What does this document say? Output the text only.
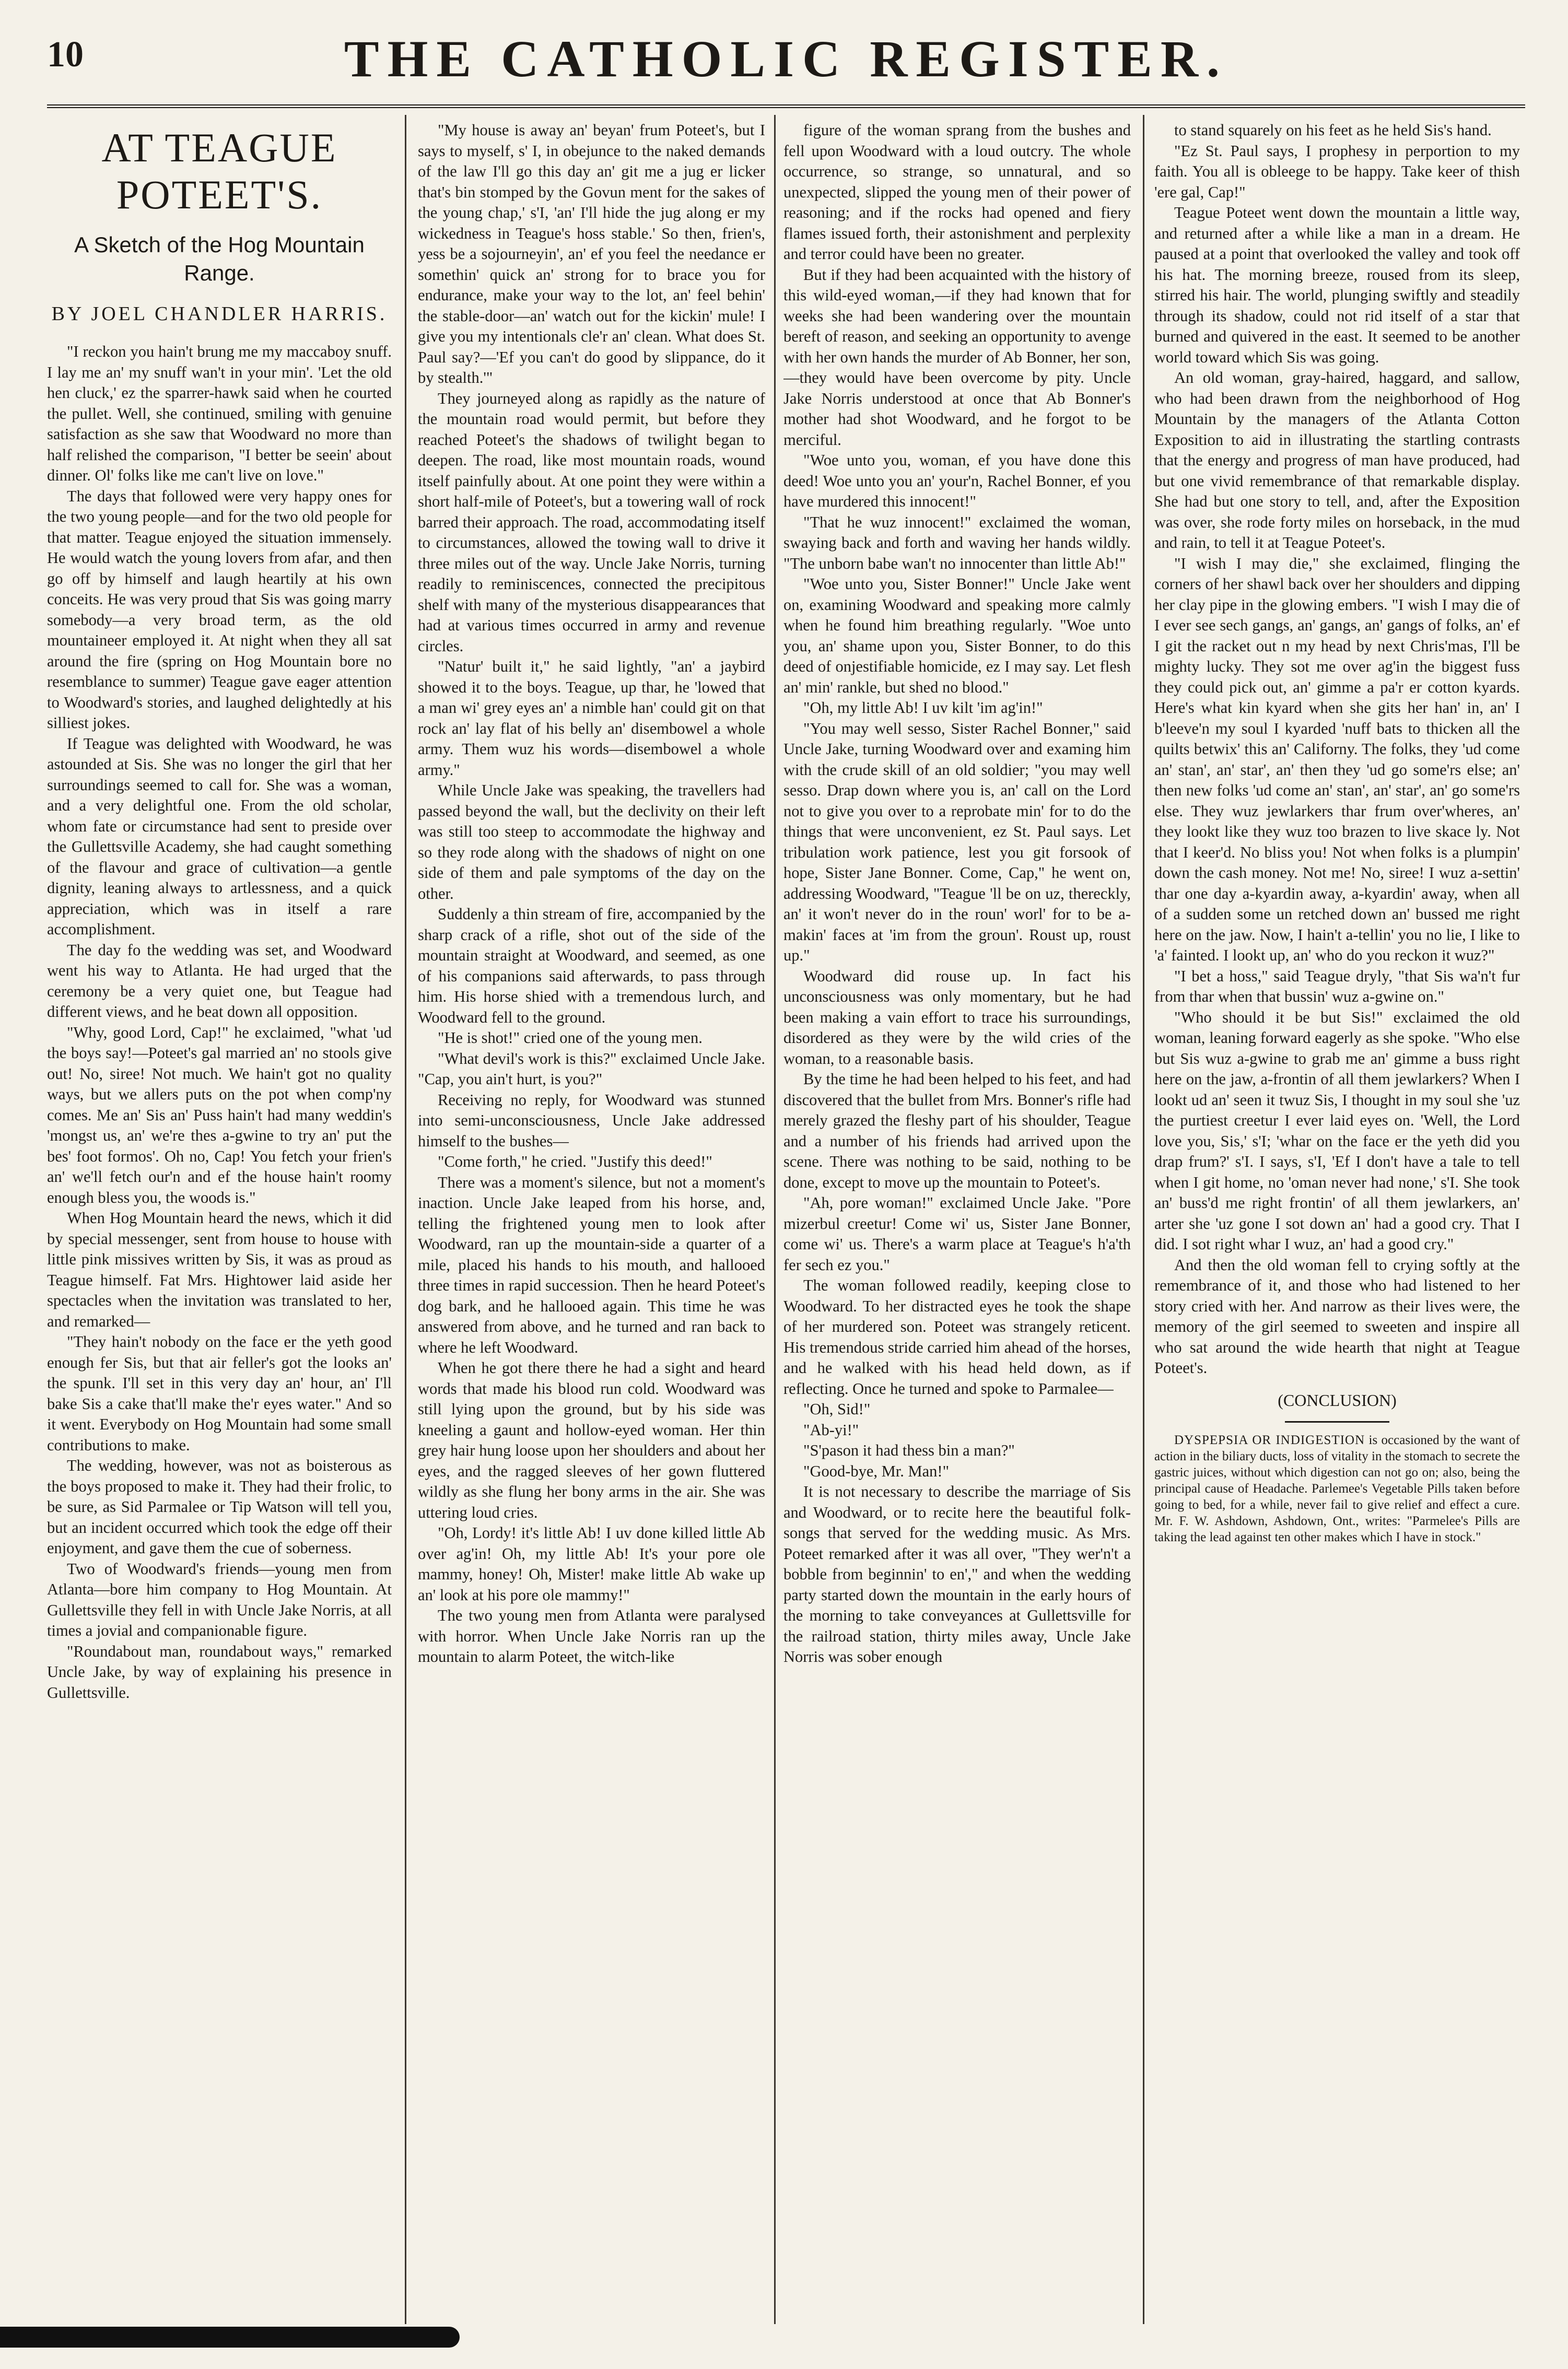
10	THE CATHOLIC REGISTER.

AT TEAGUE POTEET'S.

A Sketch of the Hog Mountain Range.

BY JOEL CHANDLER HARRIS.

"I reckon you hain't brung me my maccaboy snuff. I lay me an' my snuff wan't in your min'. 'Let the old hen cluck,' ez the sparrer-hawk said when he courted the pullet. Well, she continued, smiling with genuine satisfaction as she saw that Woodward no more than half relished the comparison, "I better be seein' about dinner. Ol' folks like me can't live on love."

The days that followed were very happy ones for the two young people—and for the two old people for that matter. Teague enjoyed the situation immensely. He would watch the young lovers from afar, and then go off by himself and laugh heartily at his own conceits. He was very proud that Sis was going marry somebody—a very broad term, as the old mountaineer employed it. At night when they all sat around the fire (spring on Hog Mountain bore no resemblance to summer) Teague gave eager attention to Woodward's stories, and laughed delightedly at his silliest jokes.

If Teague was delighted with Woodward, he was astounded at Sis. She was no longer the girl that her surroundings seemed to call for. She was a woman, and a very delightful one. From the old scholar, whom fate or circumstance had sent to preside over the Gullettsville Academy, she had caught something of the flavour and grace of cultivation—a gentle dignity, leaning always to artlessness, and a quick appreciation, which was in itself a rare accomplishment.

The day fo the wedding was set, and Woodward went his way to Atlanta. He had urged that the ceremony be a very quiet one, but Teague had different views, and he beat down all opposition.

"Why, good Lord, Cap!" he exclaimed, "what 'ud the boys say!—Poteet's gal married an' no stools give out! No, siree! Not much. We hain't got no quality ways, but we allers puts on the pot when comp'ny comes. Me an' Sis an' Puss hain't had many weddin's 'mongst us, an' we're thes a-gwine to try an' put the bes' foot formos'. Oh no, Cap! You fetch your frien's an' we'll fetch our'n and ef the house hain't roomy enough bless you, the woods is."

When Hog Mountain heard the news, which it did by special messenger, sent from house to house with little pink missives written by Sis, it was as proud as Teague himself. Fat Mrs. Hightower laid aside her spectacles when the invitation was translated to her, and remarked—

"They hain't nobody on the face er the yeth good enough fer Sis, but that air feller's got the looks an' the spunk. I'll set in this very day an' hour, an' I'll bake Sis a cake that'll make the'r eyes water." And so it went. Everybody on Hog Mountain had some small contributions to make.

The wedding, however, was not as boisterous as the boys proposed to make it. They had their frolic, to be sure, as Sid Parmalee or Tip Watson will tell you, but an incident occurred which took the edge off their enjoyment, and gave them the cue of soberness.

Two of Woodward's friends—young men from Atlanta—bore him company to Hog Mountain. At Gullettsville they fell in with Uncle Jake Norris, at all times a jovial and companionable figure.

"Roundabout man, roundabout ways," remarked Uncle Jake, by way of explaining his presence in Gullettsville.

"My house is away an' beyan' frum Poteet's, but I says to myself, s' I, in obejunce to the naked demands of the law I'll go this day an' git me a jug er licker that's bin stomped by the Govun ment for the sakes of the young chap,' s'I, 'an' I'll hide the jug along er my wickedness in Teague's hoss stable.' So then, frien's, yess be a sojourneyin', an' ef you feel the needance er somethin' quick an' strong for to brace you for endurance, make your way to the lot, an' feel behin' the stable-door—an' watch out for the kickin' mule! I give you my intentionals cle'r an' clean. What does St. Paul say?—'Ef you can't do good by slippance, do it by stealth.'"

They journeyed along as rapidly as the nature of the mountain road would permit, but before they reached Poteet's the shadows of twilight began to deepen. The road, like most mountain roads, wound itself painfully about. At one point they were within a short half-mile of Poteet's, but a towering wall of rock barred their approach. The road, accommodating itself to circumstances, allowed the towing wall to drive it three miles out of the way. Uncle Jake Norris, turning readily to reminiscences, connected the precipitous shelf with many of the mysterious disappearances that had at various times occurred in army and revenue circles.

"Natur' built it," he said lightly, "an' a jaybird showed it to the boys. Teague, up thar, he 'lowed that a man wi' grey eyes an' a nimble han' could git on that rock an' lay flat of his belly an' disembowel a whole army. Them wuz his words—disembowel a whole army."

While Uncle Jake was speaking, the travellers had passed beyond the wall, but the declivity on their left was still too steep to accommodate the highway and so they rode along with the shadows of night on one side of them and pale symptoms of the day on the other.

Suddenly a thin stream of fire, accompanied by the sharp crack of a rifle, shot out of the side of the mountain straight at Woodward, and seemed, as one of his companions said afterwards, to pass through him. His horse shied with a tremendous lurch, and Woodward fell to the ground.

"He is shot!" cried one of the young men.

"What devil's work is this?" exclaimed Uncle Jake. "Cap, you ain't hurt, is you?"

Receiving no reply, for Woodward was stunned into semi-unconsciousness, Uncle Jake addressed himself to the bushes—

"Come forth," he cried. "Justify this deed!"

There was a moment's silence, but not a moment's inaction. Uncle Jake leaped from his horse, and, telling the frightened young men to look after Woodward, ran up the mountain-side a quarter of a mile, placed his hands to his mouth, and hallooed three times in rapid succession. Then he heard Poteet's dog bark, and he hallooed again. This time he was answered from above, and he turned and ran back to where he left Woodward.

When he got there there he had a sight and heard words that made his blood run cold. Woodward was still lying upon the ground, but by his side was kneeling a gaunt and hollow-eyed woman. Her thin grey hair hung loose upon her shoulders and about her eyes, and the ragged sleeves of her gown fluttered wildly as she flung her bony arms in the air. She was uttering loud cries.

"Oh, Lordy! it's little Ab! I uv done killed little Ab over ag'in! Oh, my little Ab! It's your pore ole mammy, honey! Oh, Mister! make little Ab wake up an' look at his pore ole mammy!"

The two young men from Atlanta were paralysed with horror. When Uncle Jake Norris ran up the mountain to alarm Poteet, the witch-like

figure of the woman sprang from the bushes and fell upon Woodward with a loud outcry. The whole occurrence, so strange, so unnatural, and so unexpected, slipped the young men of their power of reasoning; and if the rocks had opened and fiery flames issued forth, their astonishment and perplexity and terror could have been no greater.

But if they had been acquainted with the history of this wild-eyed woman,—if they had known that for weeks she had been wandering over the mountain bereft of reason, and seeking an opportunity to avenge with her own hands the murder of Ab Bonner, her son,—they would have been overcome by pity. Uncle Jake Norris understood at once that Ab Bonner's mother had shot Woodward, and he forgot to be merciful.

"Woe unto you, woman, ef you have done this deed! Woe unto you an' your'n, Rachel Bonner, ef you have murdered this innocent!"

"That he wuz innocent!" exclaimed the woman, swaying back and forth and waving her hands wildly. "The unborn babe wan't no innocenter than little Ab!"

"Woe unto you, Sister Bonner!" Uncle Jake went on, examining Woodward and speaking more calmly when he found him breathing regularly. "Woe unto you, an' shame upon you, Sister Bonner, to do this deed of onjestifiable homicide, ez I may say. Let flesh an' min' rankle, but shed no blood."

"Oh, my little Ab! I uv kilt 'im ag'in!"

"You may well sesso, Sister Rachel Bonner," said Uncle Jake, turning Woodward over and examing him with the crude skill of an old soldier; "you may well sesso. Drap down where you is, an' call on the Lord not to give you over to a reprobate min' for to do the things that were unconvenient, ez St. Paul says. Let tribulation work patience, lest you git forsook of hope, Sister Jane Bonner. Come, Cap," he went on, addressing Woodward, "Teague 'll be on uz, thereckly, an' it won't never do in the roun' worl' for to be a-makin' faces at 'im from the groun'. Roust up, roust up."

Woodward did rouse up. In fact his unconsciousness was only momentary, but he had been making a vain effort to trace his surroundings, disordered as they were by the wild cries of the woman, to a reasonable basis.

By the time he had been helped to his feet, and had discovered that the bullet from Mrs. Bonner's rifle had merely grazed the fleshy part of his shoulder, Teague and a number of his friends had arrived upon the scene. There was nothing to be said, nothing to be done, except to move up the mountain to Poteet's.

"Ah, pore woman!" exclaimed Uncle Jake. "Pore mizerbul creetur! Come wi' us, Sister Jane Bonner, come wi' us. There's a warm place at Teague's h'a'th fer sech ez you."

The woman followed readily, keeping close to Woodward. To her distracted eyes he took the shape of her murdered son. Poteet was strangely reticent. His tremendous stride carried him ahead of the horses, and he walked with his head held down, as if reflecting. Once he turned and spoke to Parmalee—

"Oh, Sid!"

"Ab-yi!"

"S'pason it had thess bin a man?"

"Good-bye, Mr. Man!"

It is not necessary to describe the marriage of Sis and Woodward, or to recite here the beautiful folk-songs that served for the wedding music. As Mrs. Poteet remarked after it was all over, "They wer'n't a bobble from beginnin' to en'," and when the wedding party started down the mountain in the early hours of the morning to take conveyances at Gullettsville for the railroad station, thirty miles away, Uncle Jake Norris was sober enough

to stand squarely on his feet as he held Sis's hand.

"Ez St. Paul says, I prophesy in perportion to my faith. You all is obleege to be happy. Take keer of thish 'ere gal, Cap!"

Teague Poteet went down the mountain a little way, and returned after a while like a man in a dream. He paused at a point that overlooked the valley and took off his hat. The morning breeze, roused from its sleep, stirred his hair. The world, plunging swiftly and steadily through its shadow, could not rid itself of a star that burned and quivered in the east. It seemed to be another world toward which Sis was going.

An old woman, gray-haired, haggard, and sallow, who had been drawn from the neighborhood of Hog Mountain by the managers of the Atlanta Cotton Exposition to aid in illustrating the startling contrasts that the energy and progress of man have produced, had but one vivid remembrance of that remarkable display. She had but one story to tell, and, after the Exposition was over, she rode forty miles on horseback, in the mud and rain, to tell it at Teague Poteet's.

"I wish I may die," she exclaimed, flinging the corners of her shawl back over her shoulders and dipping her clay pipe in the glowing embers. "I wish I may die of I ever see sech gangs, an' gangs, an' gangs of folks, an' ef I git the racket out n my head by next Chris'mas, I'll be mighty lucky. They sot me over ag'in the biggest fuss they could pick out, an' gimme a pa'r er cotton kyards. Here's what kin kyard when she gits her han' in, an' I b'leeve'n my soul I kyarded 'nuff bats to thicken all the quilts betwix' this an' Californy. The folks, they 'ud come an' stan', an' star', an' then they 'ud go some'rs else; an' then new folks 'ud come an' stan', an' star', an' go some'rs else. They wuz jewlarkers thar frum over'wheres, an' they lookt like they wuz too brazen to live skace ly. Not that I keer'd. No bliss you! Not when folks is a plumpin' down the cash money. Not me! No, siree! I wuz a-settin' thar one day a-kyardin away, a-kyardin' away, when all of a sudden some un retched down an' bussed me right here on the jaw. Now, I hain't a-tellin' you no lie, I like to 'a' fainted. I lookt up, an' who do you reckon it wuz?"

"I bet a hoss," said Teague dryly, "that Sis wa'n't fur from thar when that bussin' wuz a-gwine on."

"Who should it be but Sis!" exclaimed the old woman, leaning forward eagerly as she spoke. "Who else but Sis wuz a-gwine to grab me an' gimme a buss right here on the jaw, a-frontin of all them jewlarkers? When I lookt ud an' seen it twuz Sis, I thought in my soul she 'uz the purtiest creetur I ever laid eyes on. 'Well, the Lord love you, Sis,' s'I; 'whar on the face er the yeth did you drap frum?' s'I. I says, s'I, 'Ef I don't have a tale to tell when I git home, no 'oman never had none,' s'I. She took an' buss'd me right frontin' of all them jewlarkers, an' arter she 'uz gone I sot down an' had a good cry. That I did. I sot right whar I wuz, an' had a good cry."

And then the old woman fell to crying softly at the remembrance of it, and those who had listened to her story cried with her. And narrow as their lives were, the memory of the girl seemed to sweeten and inspire all who sat around the wide hearth that night at Teague Poteet's.

(CONCLUSION)

DYSPEPSIA OR INDIGESTION is occasioned by the want of action in the biliary ducts, loss of vitality in the stomach to secrete the gastric juices, without which digestion can not go on; also, being the principal cause of Headache. Parlemee's Vegetable Pills taken before going to bed, for a while, never fail to give relief and effect a cure. Mr. F. W. Ashdown, Ashdown, Ont., writes: "Parmelee's Pills are taking the lead against ten other makes which I have in stock."
